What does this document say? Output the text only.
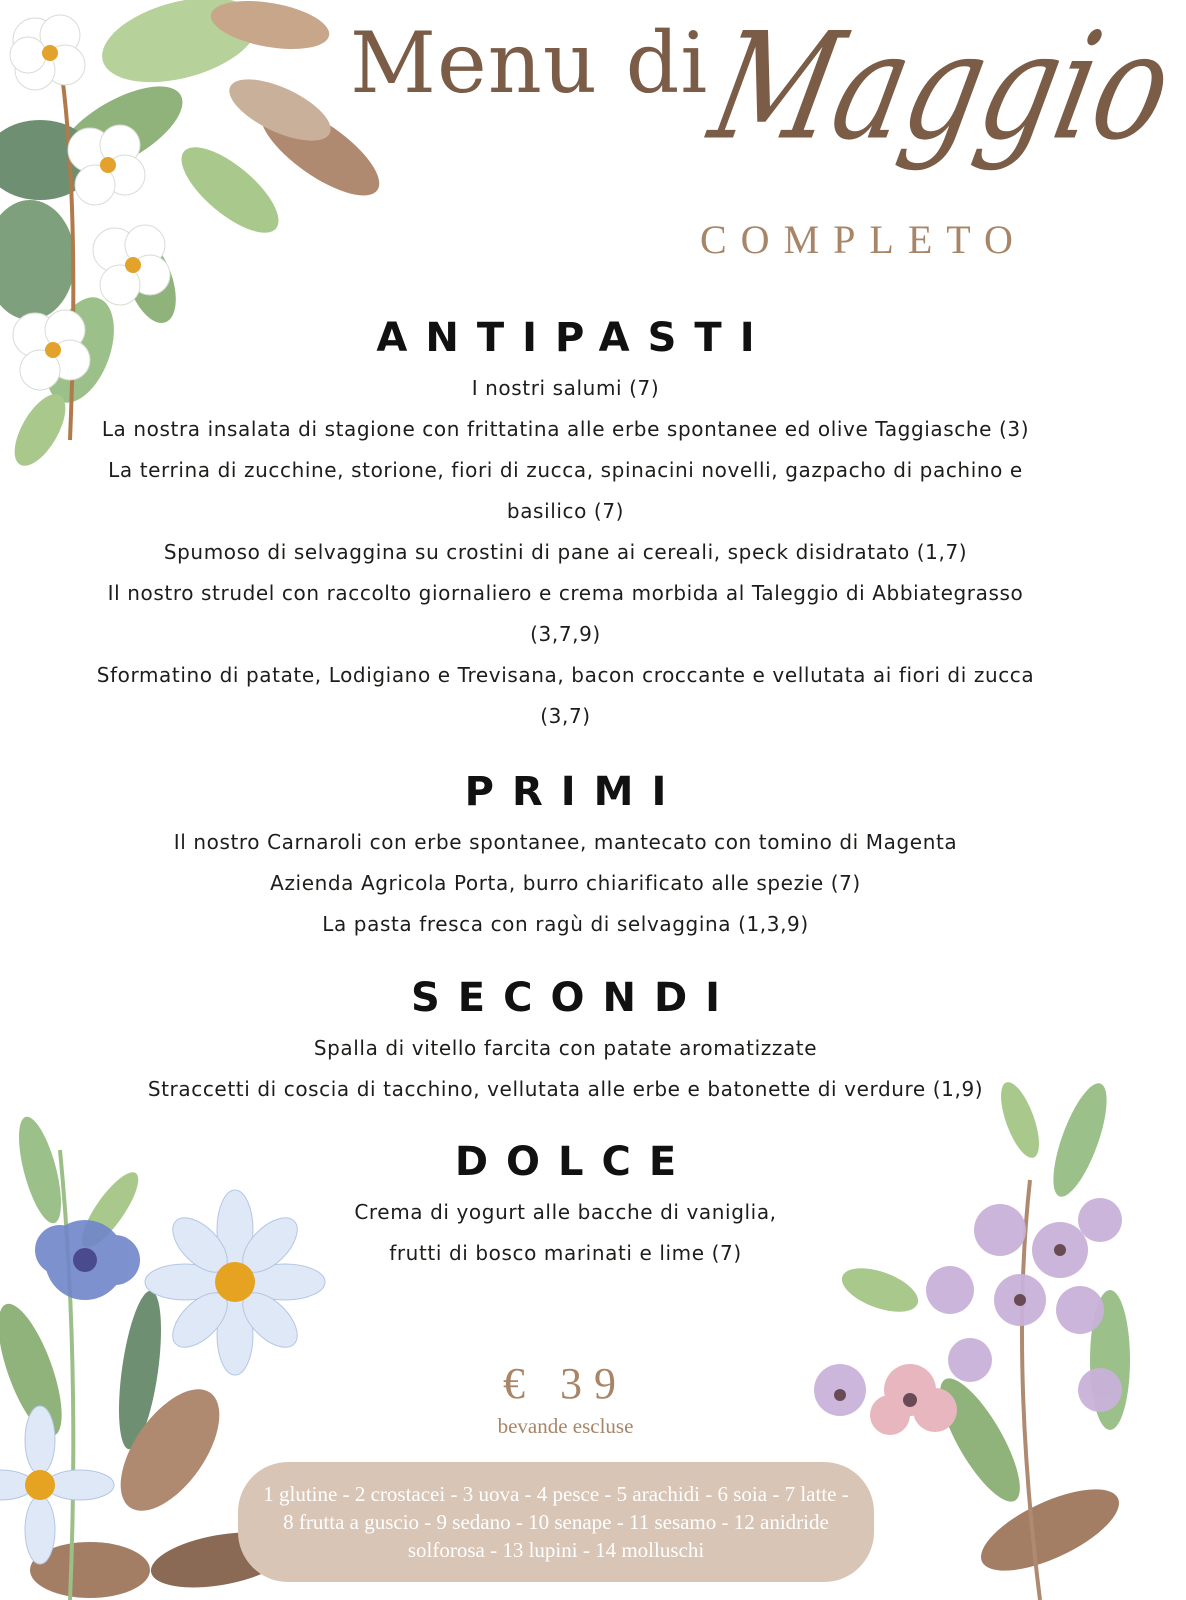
Menu di
Maggio
COMPLETO
ANTIPASTI

I nostri salumi (7)

La nostra insalata di stagione con frittatina alle erbe spontanee ed olive Taggiasche (3)

La terrina di zucchine, storione, fiori di zucca, spinacini novelli, gazpacho di pachino e

basilico (7)

Spumoso di selvaggina su crostini di pane ai cereali, speck disidratato (1,7)

Il nostro strudel con raccolto giornaliero e crema morbida al Taleggio di Abbiategrasso

(3,7,9)

Sformatino di patate, Lodigiano e Trevisana, bacon croccante e vellutata ai fiori di zucca

(3,7)

PRIMI

Il nostro Carnaroli con erbe spontanee, mantecato con tomino di Magenta

Azienda Agricola Porta, burro chiarificato alle spezie (7)

La pasta fresca con ragù di selvaggina (1,3,9)

SECONDI

Spalla di vitello farcita con patate aromatizzate

Straccetti di coscia di tacchino, vellutata alle erbe e batonette di verdure (1,9)

DOLCE

Crema di yogurt alle bacche di vaniglia,

frutti di bosco marinati e lime (7)

€ 39
bevande escluse
1 glutine - 2 crostacei - 3 uova - 4 pesce - 5 arachidi - 6 soia - 7 latte - 8 frutta a guscio - 9 sedano - 10 senape - 11 sesamo - 12 anidride solforosa - 13 lupini - 14 molluschi
